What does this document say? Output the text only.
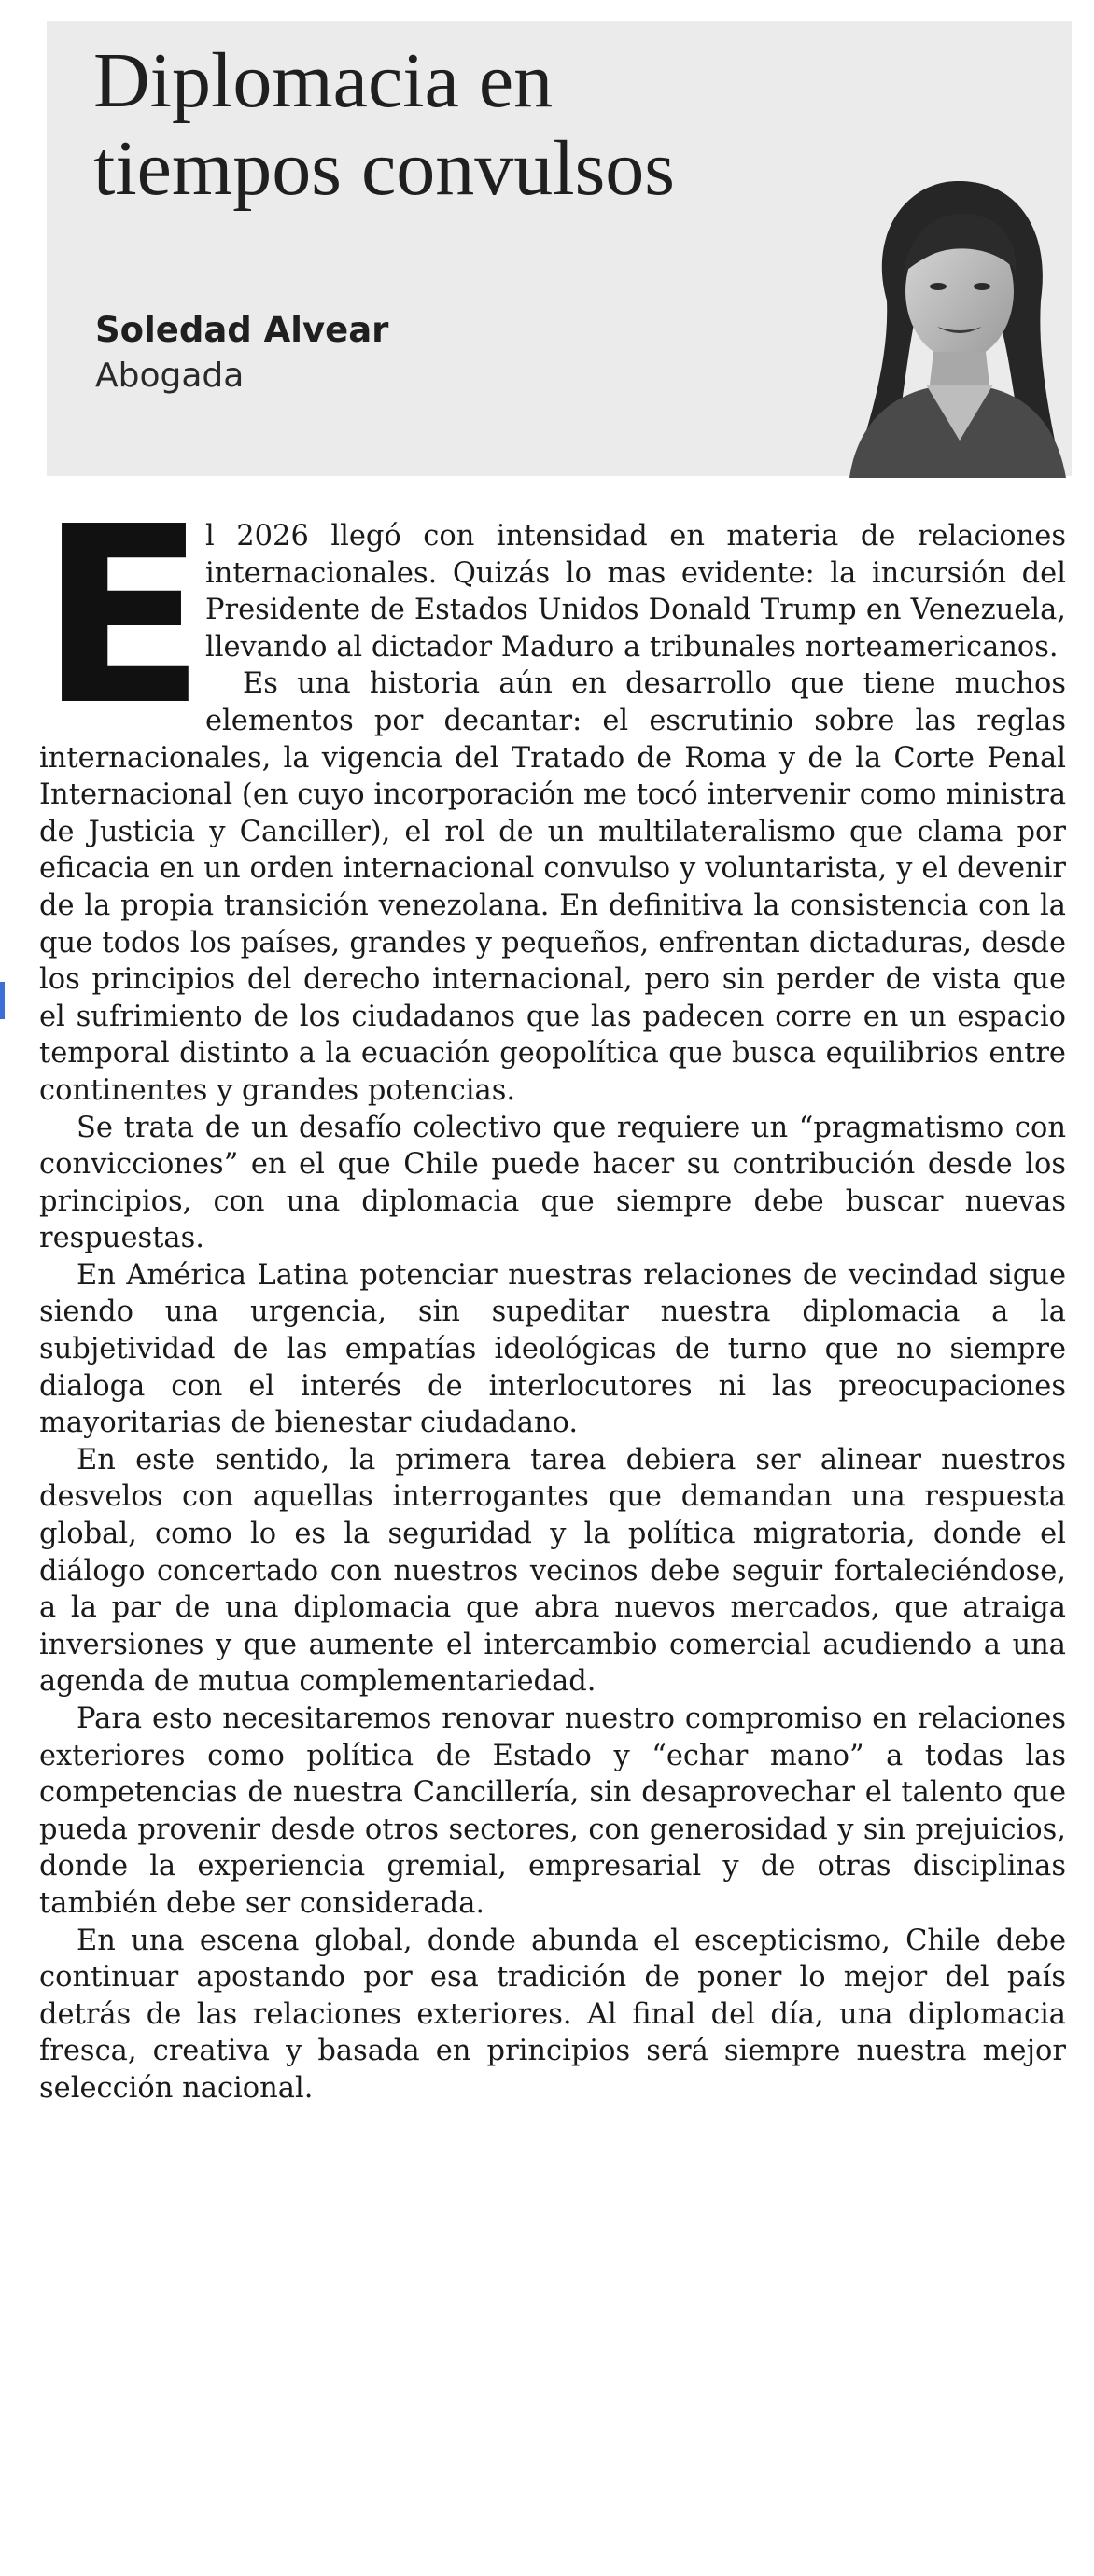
Diplomacia en
tiempos convulsos
Soledad Alvear
Abogada

E l 2026 llegó con intensidad en materia de relaciones internacionales. Quizás lo mas evidente: la incursión del Presidente de Estados Unidos Donald Trump en Venezuela, llevando al dictador Maduro a tribunales norteamericanos.

Es una historia aún en desarrollo que tiene muchos elementos por decantar: el escrutinio sobre las reglas internacionales, la vigencia del Tratado de Roma y de la Corte Penal Internacional (en cuyo incorporación me tocó intervenir como ministra de Justicia y Canciller), el rol de un multilateralismo que clama por eficacia en un orden internacional convulso y voluntarista, y el devenir de la propia transición venezolana. En definitiva la consistencia con la que todos los países, grandes y pequeños, enfrentan dictaduras, desde los principios del derecho internacional, pero sin perder de vista que el sufrimiento de los ciudadanos que las padecen corre en un espacio temporal distinto a la ecuación geopolítica que busca equilibrios entre continentes y grandes potencias.

Se trata de un desafío colectivo que requiere un “pragmatismo con convicciones” en el que Chile puede hacer su contribución desde los principios, con una diplomacia que siempre debe buscar nuevas respuestas.

En América Latina potenciar nuestras relaciones de vecindad sigue siendo una urgencia, sin supeditar nuestra diplomacia a la subjetividad de las empatías ideológicas de turno que no siempre dialoga con el interés de interlocutores ni las preocupaciones mayoritarias de bienestar ciudadano.

En este sentido, la primera tarea debiera ser alinear nuestros desvelos con aquellas interrogantes que demandan una respuesta global, como lo es la seguridad y la política migratoria, donde el diálogo concertado con nuestros vecinos debe seguir fortaleciéndose, a la par de una diplomacia que abra nuevos mercados, que atraiga inversiones y que aumente el intercambio comercial acudiendo a una agenda de mutua complementariedad.

Para esto necesitaremos renovar nuestro compromiso en relaciones exteriores como política de Estado y “echar mano” a todas las competencias de nuestra Cancillería, sin desaprovechar el talento que pueda provenir desde otros sectores, con generosidad y sin prejuicios, donde la experiencia gremial, empresarial y de otras disciplinas también debe ser considerada.

En una escena global, donde abunda el escepticismo, Chile debe continuar apostando por esa tradición de poner lo mejor del país detrás de las relaciones exteriores. Al final del día, una diplomacia fresca, creativa y basada en principios será siempre nuestra mejor selección nacional.
